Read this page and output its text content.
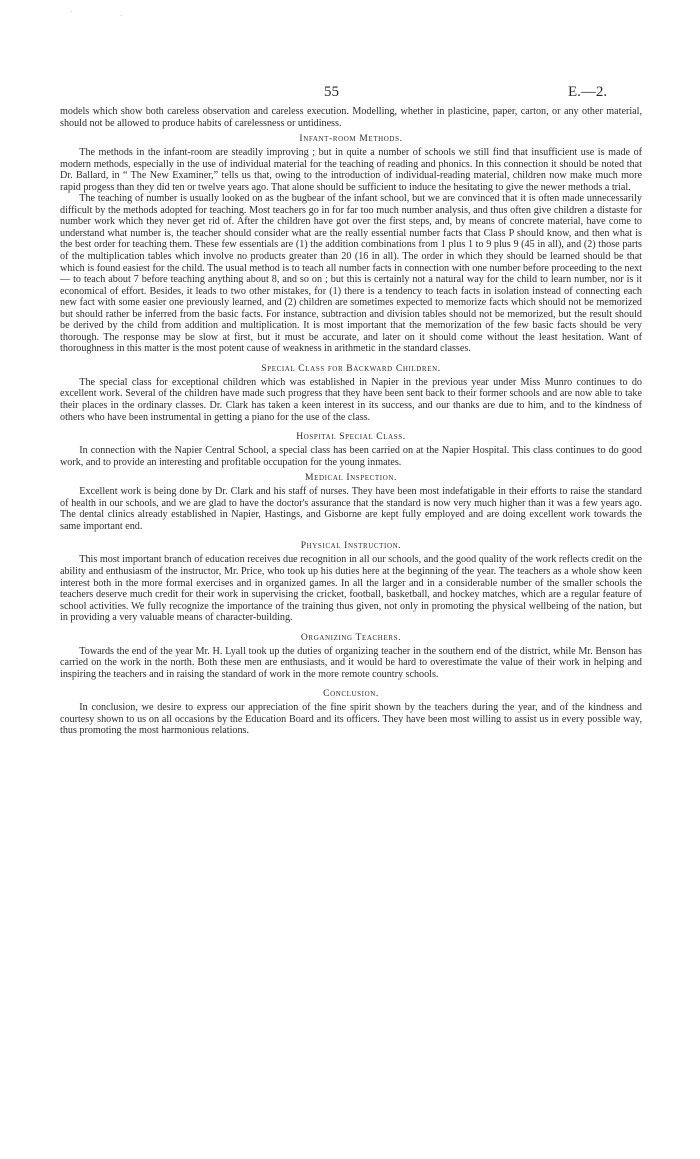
·	·
55	E.—2.

models which show both careless observation and careless execution. Modelling, whether in plasticine, paper, carton, or any other material, should not be allowed to produce habits of carelessness or untidiness.

Infant-room Methods.

The methods in the infant-room are steadily improving ; but in quite a number of schools we still find that insufficient use is made of modern methods, especially in the use of individual material for the teaching of reading and phonics. In this connection it should be noted that Dr. Ballard, in “ The New Examiner,” tells us that, owing to the introduction of individual-reading material, children now make much more rapid progess than they did ten or twelve years ago. That alone should be sufficient to induce the hesitating to give the newer methods a trial.

The teaching of number is usually looked on as the bugbear of the infant school, but we are convinced that it is often made unnecessarily difficult by the methods adopted for teaching. Most teachers go in for far too much number analysis, and thus often give children a distaste for number work which they never get rid of. After the children have got over the first steps, and, by means of concrete material, have come to understand what number is, the teacher should consider what are the really essential number facts that Class P should know, and then what is the best order for teaching them. These few essentials are (1) the addition combinations from 1 plus 1 to 9 plus 9 (45 in all), and (2) those parts of the multiplication tables which involve no products greater than 20 (16 in all). The order in which they should be learned should be that which is found easiest for the child. The usual method is to teach all number facts in connection with one number before proceeding to the next— to teach about 7 before teaching anything about 8, and so on ; but this is certainly not a natural way for the child to learn number, nor is it economical of effort. Besides, it leads to two other mistakes, for (1) there is a tendency to teach facts in isolation instead of connecting each new fact with some easier one previously learned, and (2) children are sometimes expected to memorize facts which should not be memorized but should rather be inferred from the basic facts. For instance, subtraction and division tables should not be memorized, but the result should be derived by the child from addition and multiplication. It is most important that the memorization of the few basic facts should be very thorough. The response may be slow at first, but it must be accurate, and later on it should come without the least hesitation. Want of thoroughness in this matter is the most potent cause of weakness in arithmetic in the standard classes.

Special Class for Backward Children.

The special class for exceptional children which was established in Napier in the previous year under Miss Munro continues to do excellent work. Several of the children have made such progress that they have been sent back to their former schools and are now able to take their places in the ordinary classes. Dr. Clark has taken a keen interest in its success, and our thanks are due to him, and to the kindness of others who have been instrumental in getting a piano for the use of the class.

Hospital Special Class.

In connection with the Napier Central School, a special class has been carried on at the Napier Hospital. This class continues to do good work, and to provide an interesting and profitable occupation for the young inmates.

Medical Inspection.

Excellent work is being done by Dr. Clark and his staff of nurses. They have been most indefatigable in their efforts to raise the standard of health in our schools, and we are glad to have the doctor's assurance that the standard is now very much higher than it was a few years ago. The dental clinics already established in Napier, Hastings, and Gisborne are kept fully employed and are doing excellent work towards the same important end.

Physical Instruction.

This most important branch of education receives due recognition in all our schools, and the good quality of the work reflects credit on the ability and enthusiasm of the instructor, Mr. Price, who took up his duties here at the beginning of the year. The teachers as a whole show keen interest both in the more formal exercises and in organized games. In all the larger and in a considerable number of the smaller schools the teachers deserve much credit for their work in supervising the cricket, football, basketball, and hockey matches, which are a regular feature of school activities. We fully recognize the importance of the training thus given, not only in promoting the physical wellbeing of the nation, but in providing a very valuable means of character-building.

Organizing Teachers.

Towards the end of the year Mr. H. Lyall took up the duties of organizing teacher in the southern end of the district, while Mr. Benson has carried on the work in the north. Both these men are enthusiasts, and it would be hard to overestimate the value of their work in helping and inspiring the teachers and in raising the standard of work in the more remote country schools.

Conclusion.

In conclusion, we desire to express our appreciation of the fine spirit shown by the teachers during the year, and of the kindness and courtesy shown to us on all occasions by the Education Board and its officers. They have been most willing to assist us in every possible way, thus promoting the most harmonious relations.
